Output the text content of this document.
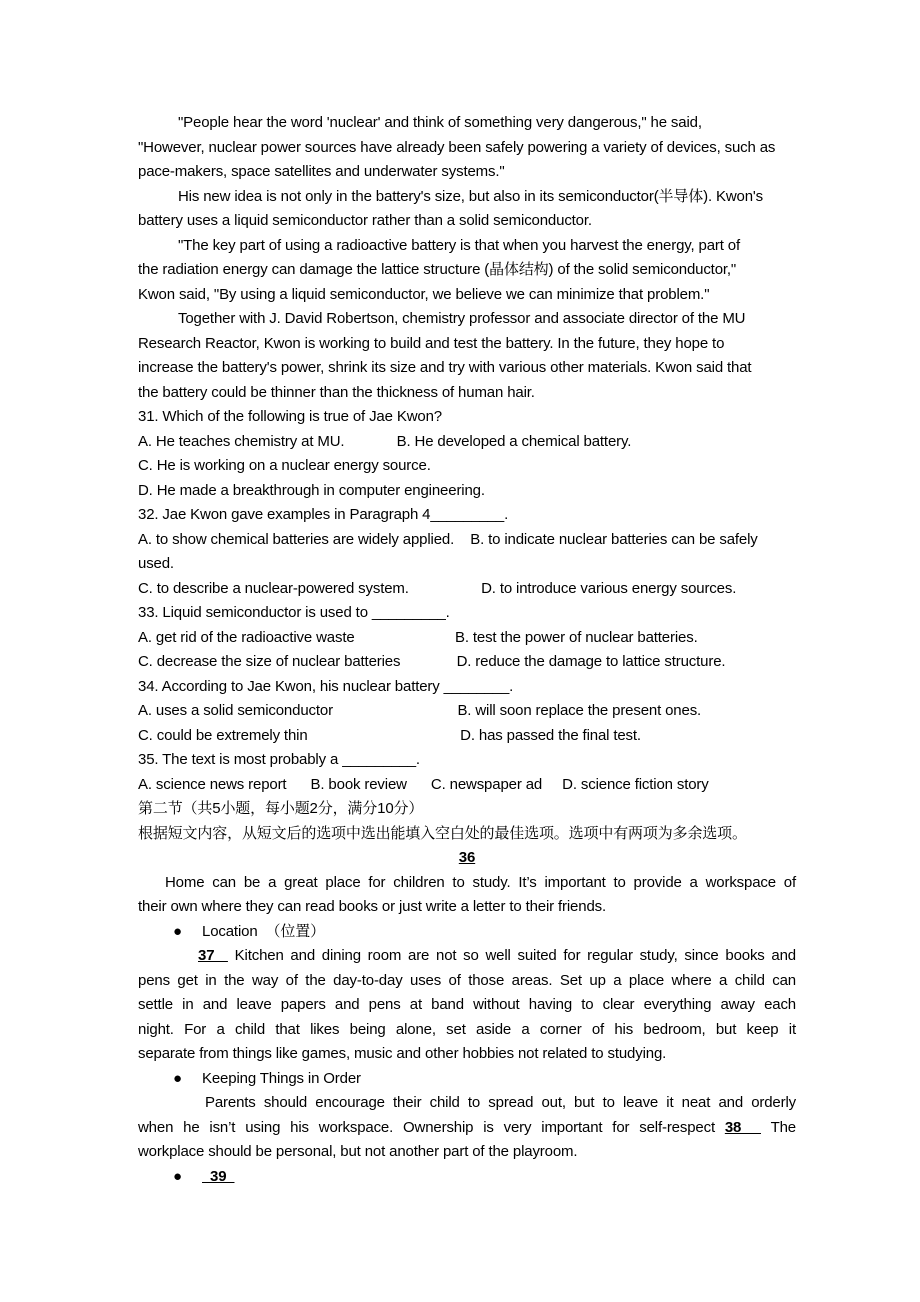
"People hear the word 'nuclear' and think of something very dangerous," he said,
"However, nuclear power sources have already been safely powering a variety of devices, such as
pace-makers, space satellites and underwater systems."
His new idea is not only in the battery's size, but also in its semiconductor(半导体). Kwon's
battery uses a liquid semiconductor rather than a solid semiconductor.
"The key part of using a radioactive battery is that when you harvest the energy, part of
the radiation energy can damage the lattice structure (晶体结构) of the solid semiconductor,"
Kwon said, "By using a liquid semiconductor, we believe we can minimize that problem."
Together with J. David Robertson, chemistry professor and associate director of the MU
Research Reactor, Kwon is working to build and test the battery. In the future, they hope to
increase the battery's power, shrink its size and try with various other materials. Kwon said that
the battery could be thinner than the thickness of human hair.
31. Which of the following is true of Jae Kwon?
A. He teaches chemistry at MU.             B. He developed a chemical battery.
C. He is working on a nuclear energy source.
D. He made a breakthrough in computer engineering.
32. Jae Kwon gave examples in Paragraph 4_________.
A. to show chemical batteries are widely applied.    B. to indicate nuclear batteries can be safely
used.
C. to describe a nuclear-powered system.                  D. to introduce various energy sources.
33. Liquid semiconductor is used to _________.
A. get rid of the radioactive waste                         B. test the power of nuclear batteries.
C. decrease the size of nuclear batteries              D. reduce the damage to lattice structure.
34. According to Jae Kwon, his nuclear battery ________.
A. uses a solid semiconductor                               B. will soon replace the present ones.
C. could be extremely thin                                      D. has passed the final test.
35. The text is most probably a _________.
A. science news report      B. book review      C. newspaper ad     D. science fiction story
第二节（共5小题，每小题2分，满分10分）
根据短文内容，从短文后的选项中选出能填入空白处的最佳选项。选项中有两项为多余选项。
36
Home can be a great place for children to study. It’s important to provide a workspace of
their own where they can read books or just write a letter to their friends.
●     Location  （位置）
37   Kitchen and dining room are not so well suited for regular study, since books and
pens get in the way of the day-to-day uses of those areas. Set up a place where a child can
settle in and leave papers and pens at band without having to clear everything away each
night. For a child that likes being alone, set aside a corner of his bedroom, but keep it
separate from things like games, music and other hobbies not related to studying.
●     Keeping Things in Order
Parents should encourage their child to spread out, but to leave it neat and orderly
when he isn’t using his workspace. Ownership is very important for self-respect 38   The
workplace should be personal, but not another part of the playroom.
●       39
